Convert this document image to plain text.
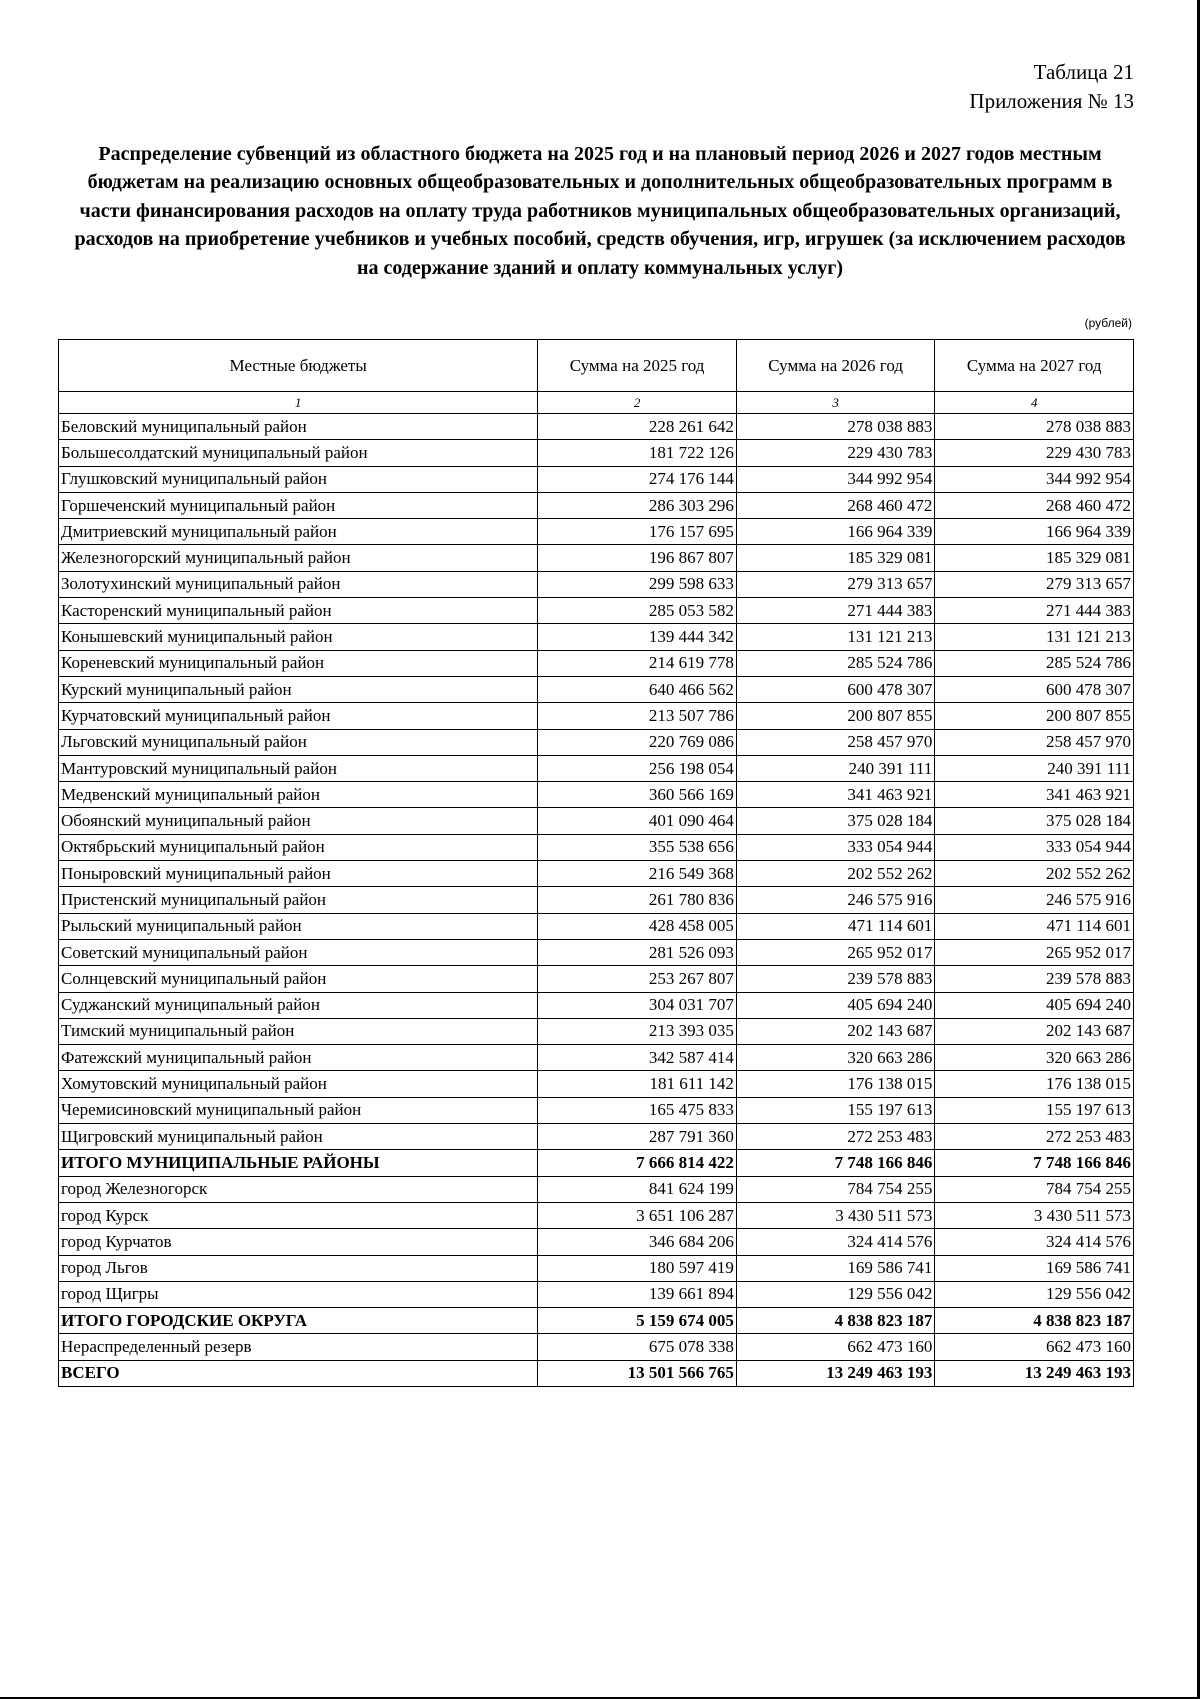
Таблица 21
Приложения № 13
Распределение субвенций из областного бюджета на 2025 год и на плановый период 2026 и 2027 годов местным бюджетам на реализацию основных общеобразовательных и дополнительных общеобразовательных программ в части финансирования расходов на оплату труда работников муниципальных общеобразовательных организаций, расходов на приобретение учебников и учебных пособий, средств обучения, игр, игрушек (за исключением расходов на содержание зданий и оплату коммунальных услуг)
(рублей)
Местные бюджеты	Сумма на 2025 год	Сумма на 2026 год	Сумма на 2027 год
1	2	3	4
Беловский муниципальный район	228 261 642	278 038 883	278 038 883
Большесолдатский муниципальный район	181 722 126	229 430 783	229 430 783
Глушковский муниципальный район	274 176 144	344 992 954	344 992 954
Горшеченский муниципальный район	286 303 296	268 460 472	268 460 472
Дмитриевский муниципальный район	176 157 695	166 964 339	166 964 339
Железногорский муниципальный район	196 867 807	185 329 081	185 329 081
Золотухинский муниципальный район	299 598 633	279 313 657	279 313 657
Касторенский муниципальный район	285 053 582	271 444 383	271 444 383
Конышевский муниципальный район	139 444 342	131 121 213	131 121 213
Кореневский муниципальный район	214 619 778	285 524 786	285 524 786
Курский муниципальный район	640 466 562	600 478 307	600 478 307
Курчатовский муниципальный район	213 507 786	200 807 855	200 807 855
Льговский муниципальный район	220 769 086	258 457 970	258 457 970
Мантуровский муниципальный район	256 198 054	240 391 111	240 391 111
Медвенский муниципальный район	360 566 169	341 463 921	341 463 921
Обоянский муниципальный район	401 090 464	375 028 184	375 028 184
Октябрьский муниципальный район	355 538 656	333 054 944	333 054 944
Поныровский муниципальный район	216 549 368	202 552 262	202 552 262
Пристенский муниципальный район	261 780 836	246 575 916	246 575 916
Рыльский муниципальный район	428 458 005	471 114 601	471 114 601
Советский муниципальный район	281 526 093	265 952 017	265 952 017
Солнцевский муниципальный район	253 267 807	239 578 883	239 578 883
Суджанский муниципальный район	304 031 707	405 694 240	405 694 240
Тимский муниципальный район	213 393 035	202 143 687	202 143 687
Фатежский муниципальный район	342 587 414	320 663 286	320 663 286
Хомутовский муниципальный район	181 611 142	176 138 015	176 138 015
Черемисиновский муниципальный район	165 475 833	155 197 613	155 197 613
Щигровский муниципальный район	287 791 360	272 253 483	272 253 483
ИТОГО МУНИЦИПАЛЬНЫЕ РАЙОНЫ	7 666 814 422	7 748 166 846	7 748 166 846
город Железногорск	841 624 199	784 754 255	784 754 255
город Курск	3 651 106 287	3 430 511 573	3 430 511 573
город Курчатов	346 684 206	324 414 576	324 414 576
город Льгов	180 597 419	169 586 741	169 586 741
город Щигры	139 661 894	129 556 042	129 556 042
ИТОГО ГОРОДСКИЕ ОКРУГА	5 159 674 005	4 838 823 187	4 838 823 187
Нераспределенный резерв	675 078 338	662 473 160	662 473 160
ВСЕГО	13 501 566 765	13 249 463 193	13 249 463 193
